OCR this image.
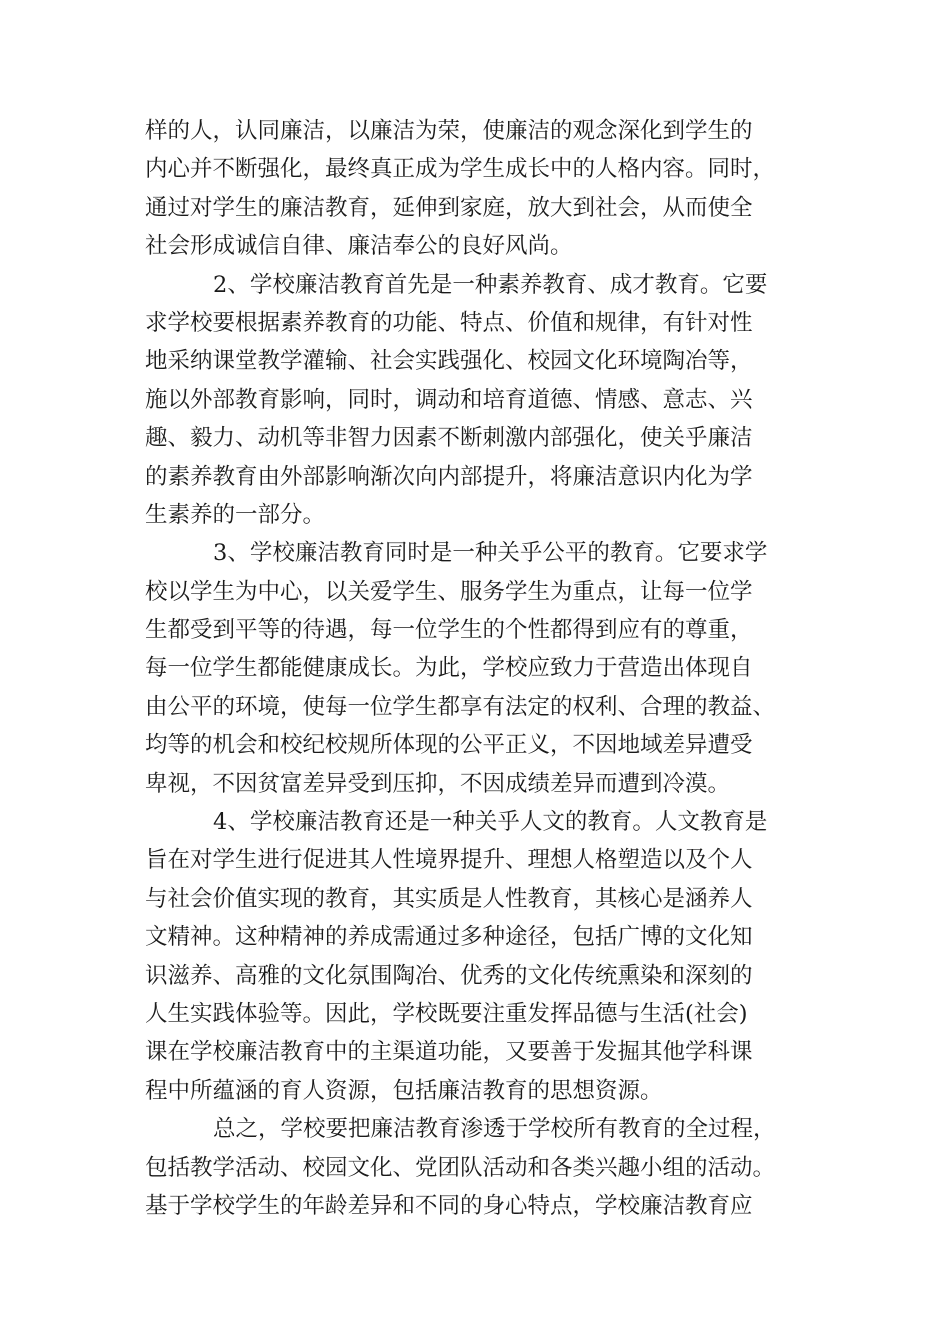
样的人，认同廉洁，以廉洁为荣，使廉洁的观念深化到学生的
内心并不断强化，最终真正成为学生成长中的人格内容。同时，
通过对学生的廉洁教育，延伸到家庭，放大到社会，从而使全
社会形成诚信自律、廉洁奉公的良好风尚。
2、学校廉洁教育首先是一种素养教育、成才教育。它要
求学校要根据素养教育的功能、特点、价值和规律，有针对性
地采纳课堂教学灌输、社会实践强化、校园文化环境陶冶等，
施以外部教育影响，同时，调动和培育道德、情感、意志、兴
趣、毅力、动机等非智力因素不断刺激内部强化，使关乎廉洁
的素养教育由外部影响渐次向内部提升，将廉洁意识内化为学
生素养的一部分。
3、学校廉洁教育同时是一种关乎公平的教育。它要求学
校以学生为中心，以关爱学生、服务学生为重点，让每一位学
生都受到平等的待遇，每一位学生的个性都得到应有的尊重，
每一位学生都能健康成长。为此，学校应致力于营造出体现自
由公平的环境，使每一位学生都享有法定的权利、合理的教益、
均等的机会和校纪校规所体现的公平正义，不因地域差异遭受
卑视，不因贫富差异受到压抑，不因成绩差异而遭到冷漠。
4、学校廉洁教育还是一种关乎人文的教育。人文教育是
旨在对学生进行促进其人性境界提升、理想人格塑造以及个人
与社会价值实现的教育，其实质是人性教育，其核心是涵养人
文精神。这种精神的养成需通过多种途径，包括广博的文化知
识滋养、高雅的文化氛围陶冶、优秀的文化传统熏染和深刻的
人生实践体验等。因此，学校既要注重发挥品德与生活(社会)
课在学校廉洁教育中的主渠道功能，又要善于发掘其他学科课
程中所蕴涵的育人资源，包括廉洁教育的思想资源。
总之，学校要把廉洁教育渗透于学校所有教育的全过程，
包括教学活动、校园文化、党团队活动和各类兴趣小组的活动。
基于学校学生的年龄差异和不同的身心特点，学校廉洁教育应
